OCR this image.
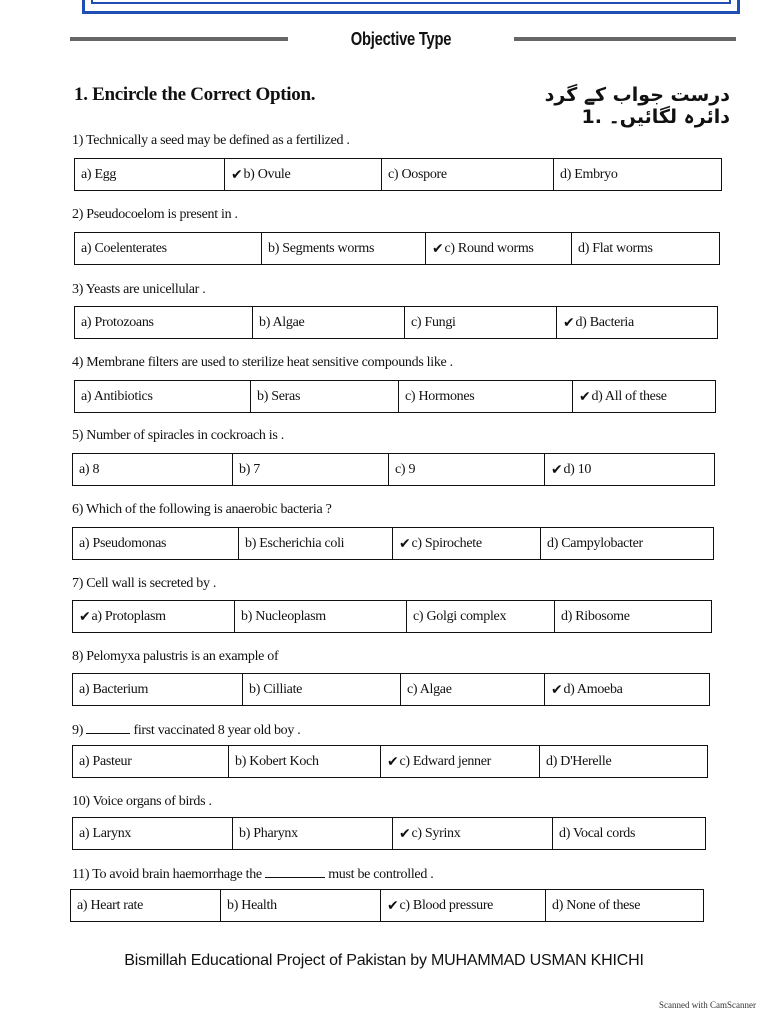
Objective Type
1. Encircle the Correct Option.	درست جواب کے گرد دائرہ لگائیں۔ .1
1) Technically a seed may be defined as a fertilized .
a) Egg	✔ b) Ovule	c) Oospore	d) Embryo
2) Pseudocoelom is present in .
a) Coelenterates	b) Segments worms	✔ c) Round worms	d) Flat worms
3) Yeasts are unicellular .
a) Protozoans	b) Algae	c) Fungi	✔ d) Bacteria
4) Membrane filters are used to sterilize heat sensitive compounds like .
a) Antibiotics	b) Seras	c) Hormones	✔ d) All of these
5) Number of spiracles in cockroach is .
a) 8	b) 7	c) 9	✔ d) 10
6) Which of the following is anaerobic bacteria ?
a) Pseudomonas	b) Escherichia coli	✔ c) Spirochete	d) Campylobacter
7) Cell wall is secreted by .
✔ a) Protoplasm	b) Nucleoplasm	c) Golgi complex	d) Ribosome
8) Pelomyxa palustris is an example of
a) Bacterium	b) Cilliate	c) Algae	✔ d) Amoeba
9)	first vaccinated 8 year old boy .
a) Pasteur	b) Kobert Koch	✔ c) Edward jenner	d) D'Herelle
10) Voice organs of birds .
a) Larynx	b) Pharynx	✔ c) Syrinx	d) Vocal cords
11) To avoid brain haemorrhage the	must be controlled .
a) Heart rate	b) Health	✔ c) Blood pressure	d) None of these
Bismillah Educational Project of Pakistan by MUHAMMAD USMAN KHICHI
Scanned with CamScanner
